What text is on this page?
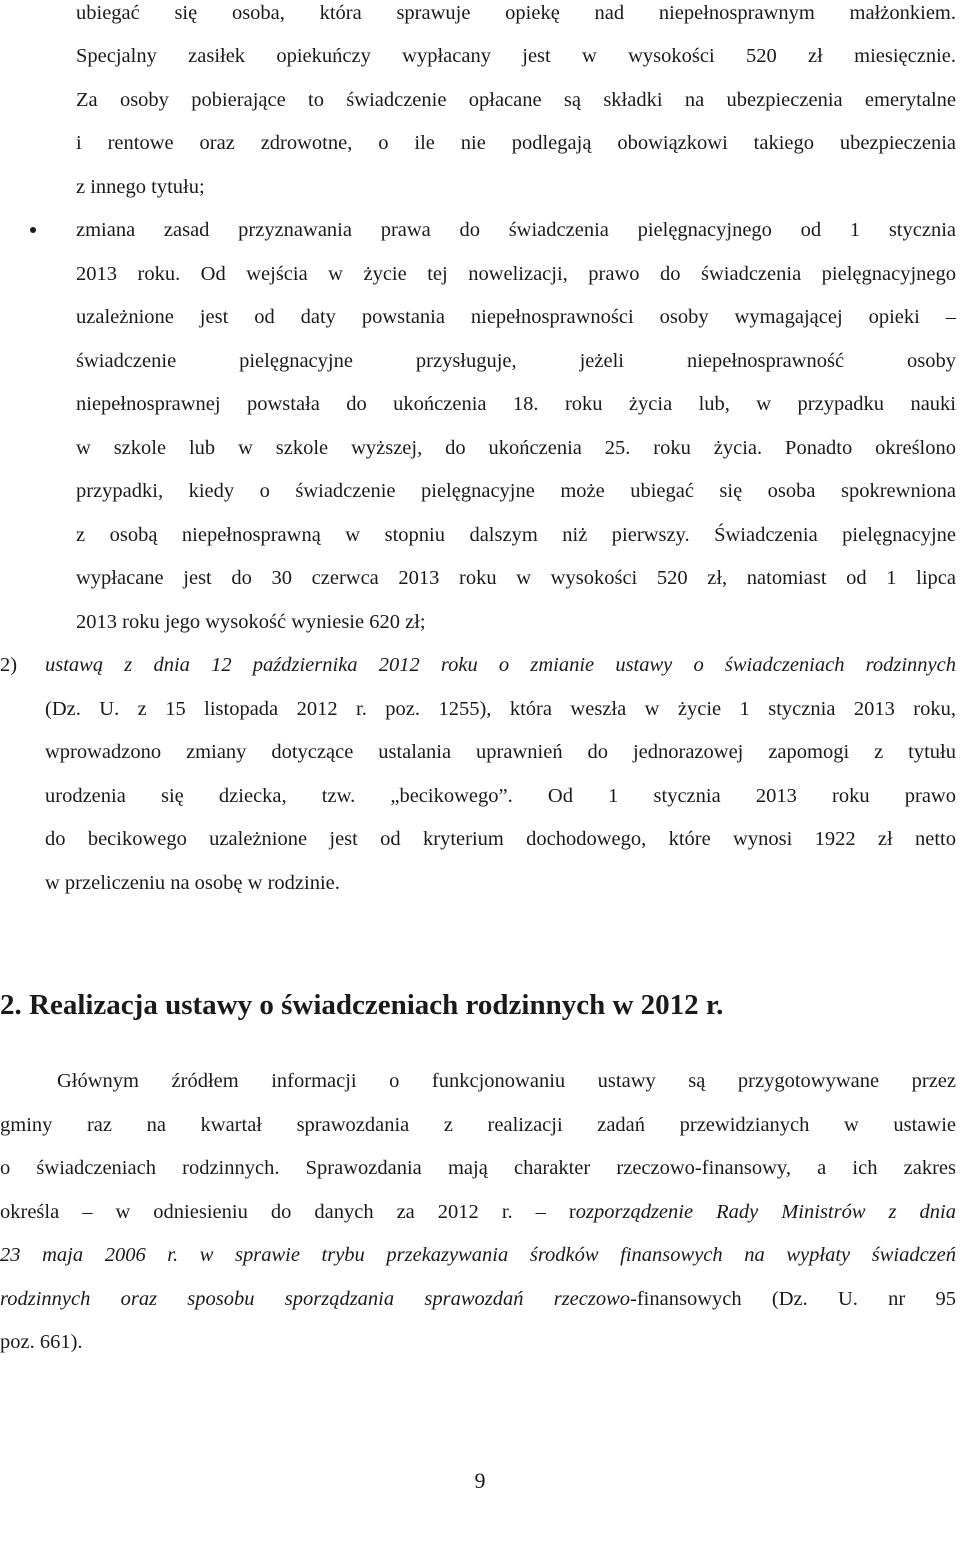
ubiegać się osoba, która sprawuje opiekę nad niepełnosprawnym małżonkiem.
Specjalny zasiłek opiekuńczy wypłacany jest w wysokości 520 zł miesięcznie.
Za osoby pobierające to świadczenie opłacane są składki na ubezpieczenia emerytalne
i rentowe oraz zdrowotne, o ile nie podlegają obowiązkowi takiego ubezpieczenia
z innego tytułu;
zmiana zasad przyznawania prawa do świadczenia pielęgnacyjnego od 1 stycznia
2013 roku. Od wejścia w życie tej nowelizacji, prawo do świadczenia pielęgnacyjnego
uzależnione jest od daty powstania niepełnosprawności osoby wymagającej opieki –
świadczenie pielęgnacyjne przysługuje, jeżeli niepełnosprawność osoby
niepełnosprawnej powstała do ukończenia 18. roku życia lub, w przypadku nauki
w szkole lub w szkole wyższej, do ukończenia 25. roku życia. Ponadto określono
przypadki, kiedy o świadczenie pielęgnacyjne może ubiegać się osoba spokrewniona
z osobą niepełnosprawną w stopniu dalszym niż pierwszy. Świadczenia pielęgnacyjne
wypłacane jest do 30 czerwca 2013 roku w wysokości 520 zł, natomiast od 1 lipca
2013 roku jego wysokość wyniesie 620 zł;
2) ustawą z dnia 12 października 2012 roku o zmianie ustawy o świadczeniach rodzinnych
(Dz. U. z 15 listopada 2012 r. poz. 1255), która weszła w życie 1 stycznia 2013 roku,
wprowadzono zmiany dotyczące ustalania uprawnień do jednorazowej zapomogi z tytułu
urodzenia się dziecka, tzw. „becikowego”. Od 1 stycznia 2013 roku prawo
do becikowego uzależnione jest od kryterium dochodowego, które wynosi 1922 zł netto
w przeliczeniu na osobę w rodzinie.
2. Realizacja ustawy o świadczeniach rodzinnych w 2012 r.
Głównym źródłem informacji o funkcjonowaniu ustawy są przygotowywane przez
gminy raz na kwartał sprawozdania z realizacji zadań przewidzianych w ustawie
o świadczeniach rodzinnych. Sprawozdania mają charakter rzeczowo-finansowy, a ich zakres
określa – w odniesieniu do danych za 2012 r. – rozporządzenie Rady Ministrów z dnia
23 maja 2006 r. w sprawie trybu przekazywania środków finansowych na wypłaty świadczeń
rodzinnych oraz sposobu sporządzania sprawozdań rzeczowo-finansowych (Dz. U. nr 95
poz. 661).
9
